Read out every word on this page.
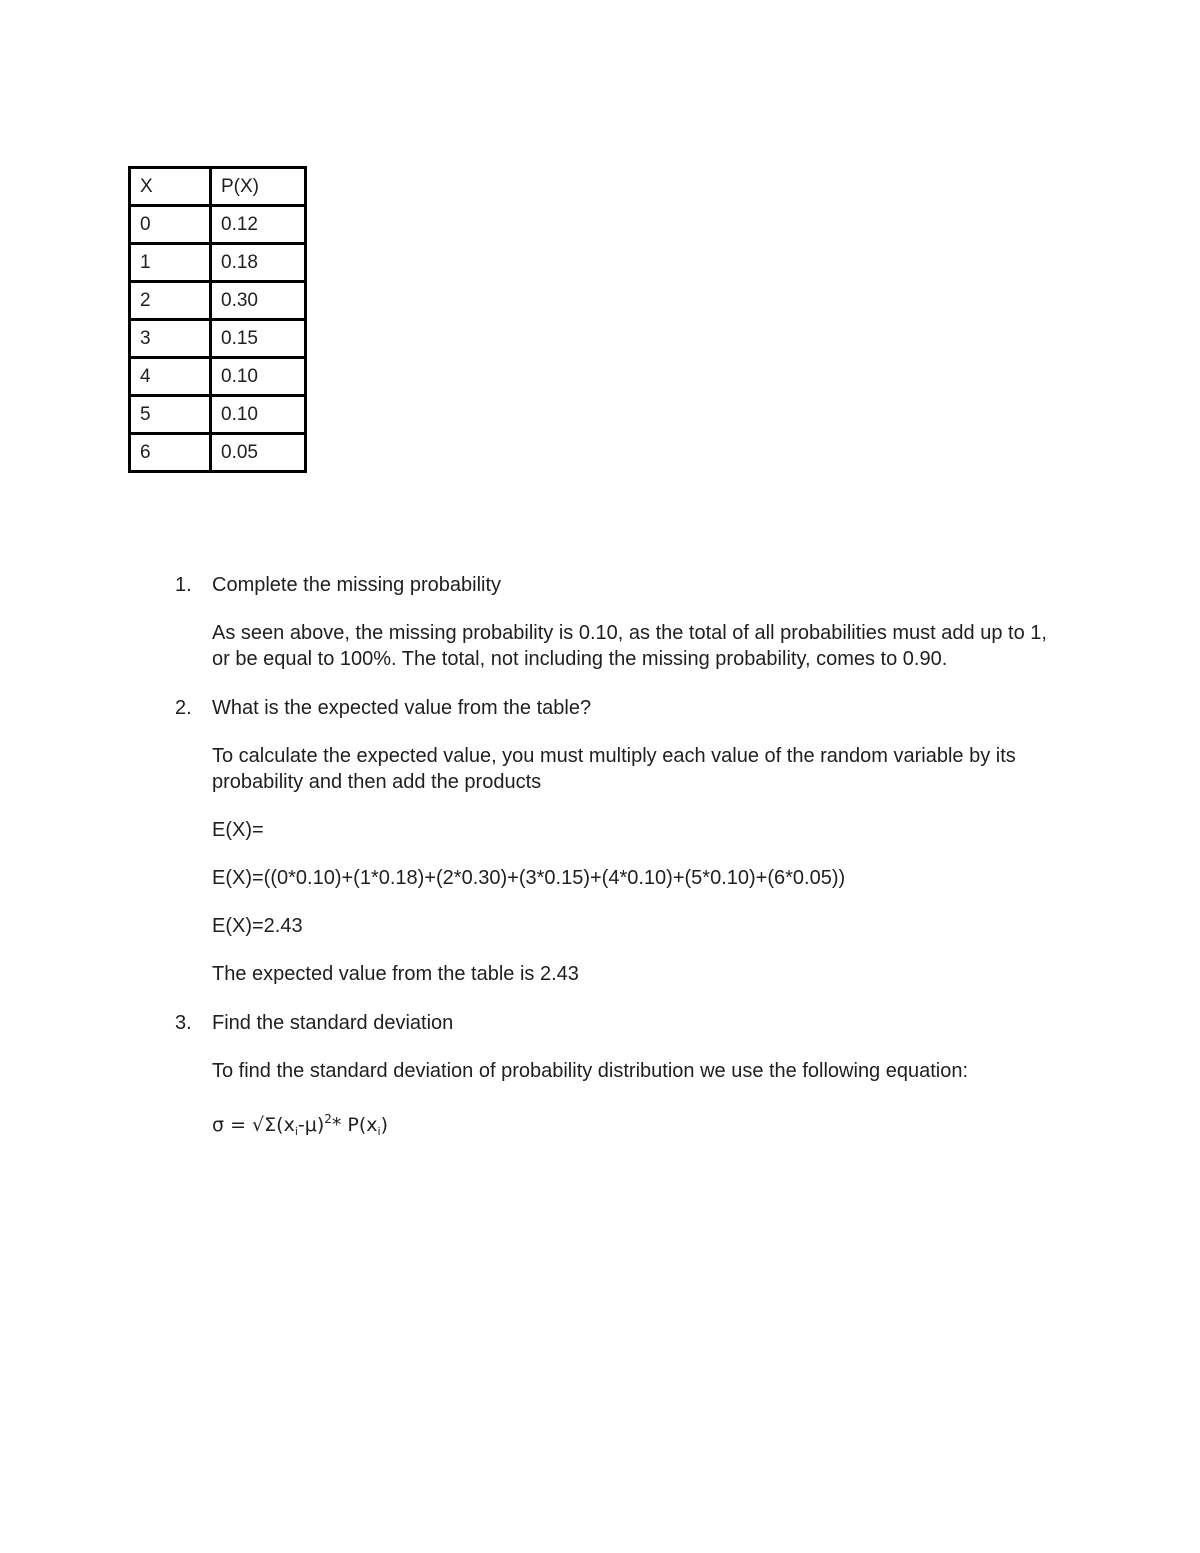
X	P(X)
0	0.12
1	0.18
2	0.30
3	0.15
4	0.10
5	0.10
6	0.05
1. Complete the missing probability

As seen above, the missing probability is 0.10, as the total of all probabilities must add up to 1, or be equal to 100%. The total, not including the missing probability, comes to 0.90.

2. What is the expected value from the table?

To calculate the expected value, you must multiply each value of the random variable by its probability and then add the products

E(X)=

E(X)=((0*0.10)+(1*0.18)+(2*0.30)+(3*0.15)+(4*0.10)+(5*0.10)+(6*0.05))

E(X)=2.43

The expected value from the table is 2.43

3. Find the standard deviation

To find the standard deviation of probability distribution we use the following equation:

$\sigma = √\Sigma(x_i-\mu)^2*$ $P(x_i)$
